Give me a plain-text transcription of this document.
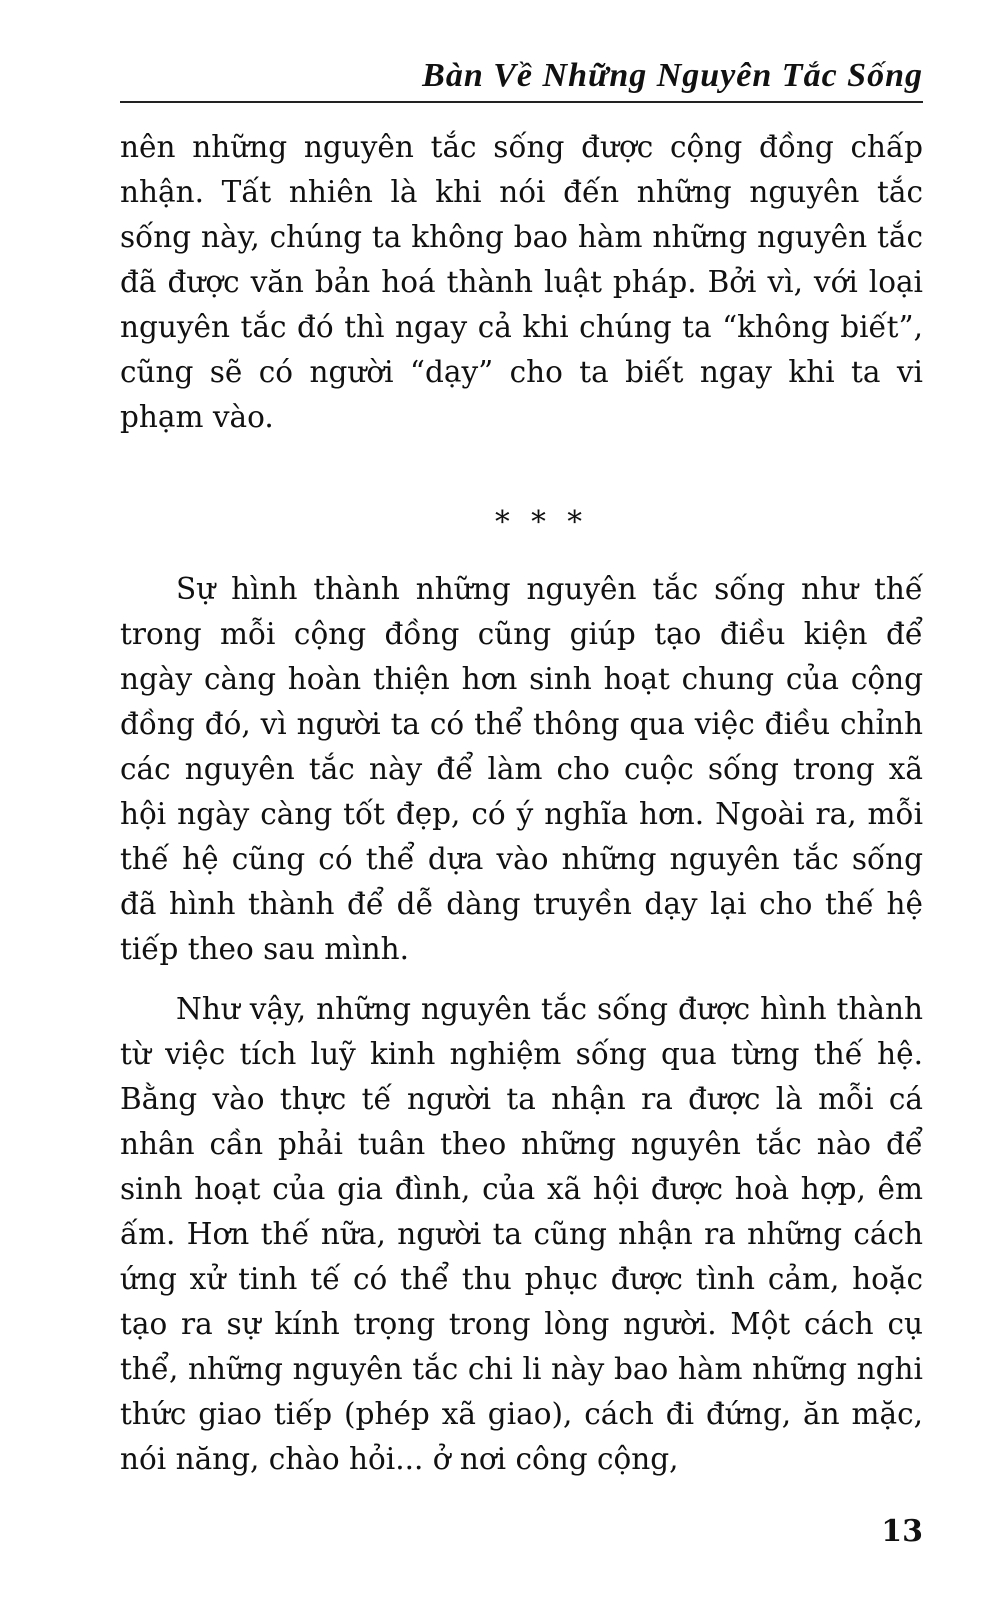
Bàn Về Những Nguyên Tắc Sống

nên những nguyên tắc sống được cộng đồng chấp nhận. Tất nhiên là khi nói đến những nguyên tắc sống này, chúng ta không bao hàm những nguyên tắc đã được văn bản hoá thành luật pháp. Bởi vì, với loại nguyên tắc đó thì ngay cả khi chúng ta “không biết”, cũng sẽ có người “dạy” cho ta biết ngay khi ta vi phạm vào.

* * *

Sự hình thành những nguyên tắc sống như thế trong mỗi cộng đồng cũng giúp tạo điều kiện để ngày càng hoàn thiện hơn sinh hoạt chung của cộng đồng đó, vì người ta có thể thông qua việc điều chỉnh các nguyên tắc này để làm cho cuộc sống trong xã hội ngày càng tốt đẹp, có ý nghĩa hơn. Ngoài ra, mỗi thế hệ cũng có thể dựa vào những nguyên tắc sống đã hình thành để dễ dàng truyền dạy lại cho thế hệ tiếp theo sau mình.

Như vậy, những nguyên tắc sống được hình thành từ việc tích luỹ kinh nghiệm sống qua từng thế hệ. Bằng vào thực tế người ta nhận ra được là mỗi cá nhân cần phải tuân theo những nguyên tắc nào để sinh hoạt của gia đình, của xã hội được hoà hợp, êm ấm. Hơn thế nữa, người ta cũng nhận ra những cách ứng xử tinh tế có thể thu phục được tình cảm, hoặc tạo ra sự kính trọng trong lòng người. Một cách cụ thể, những nguyên tắc chi li này bao hàm những nghi thức giao tiếp (phép xã giao), cách đi đứng, ăn mặc, nói năng, chào hỏi... ở nơi công cộng,

13
